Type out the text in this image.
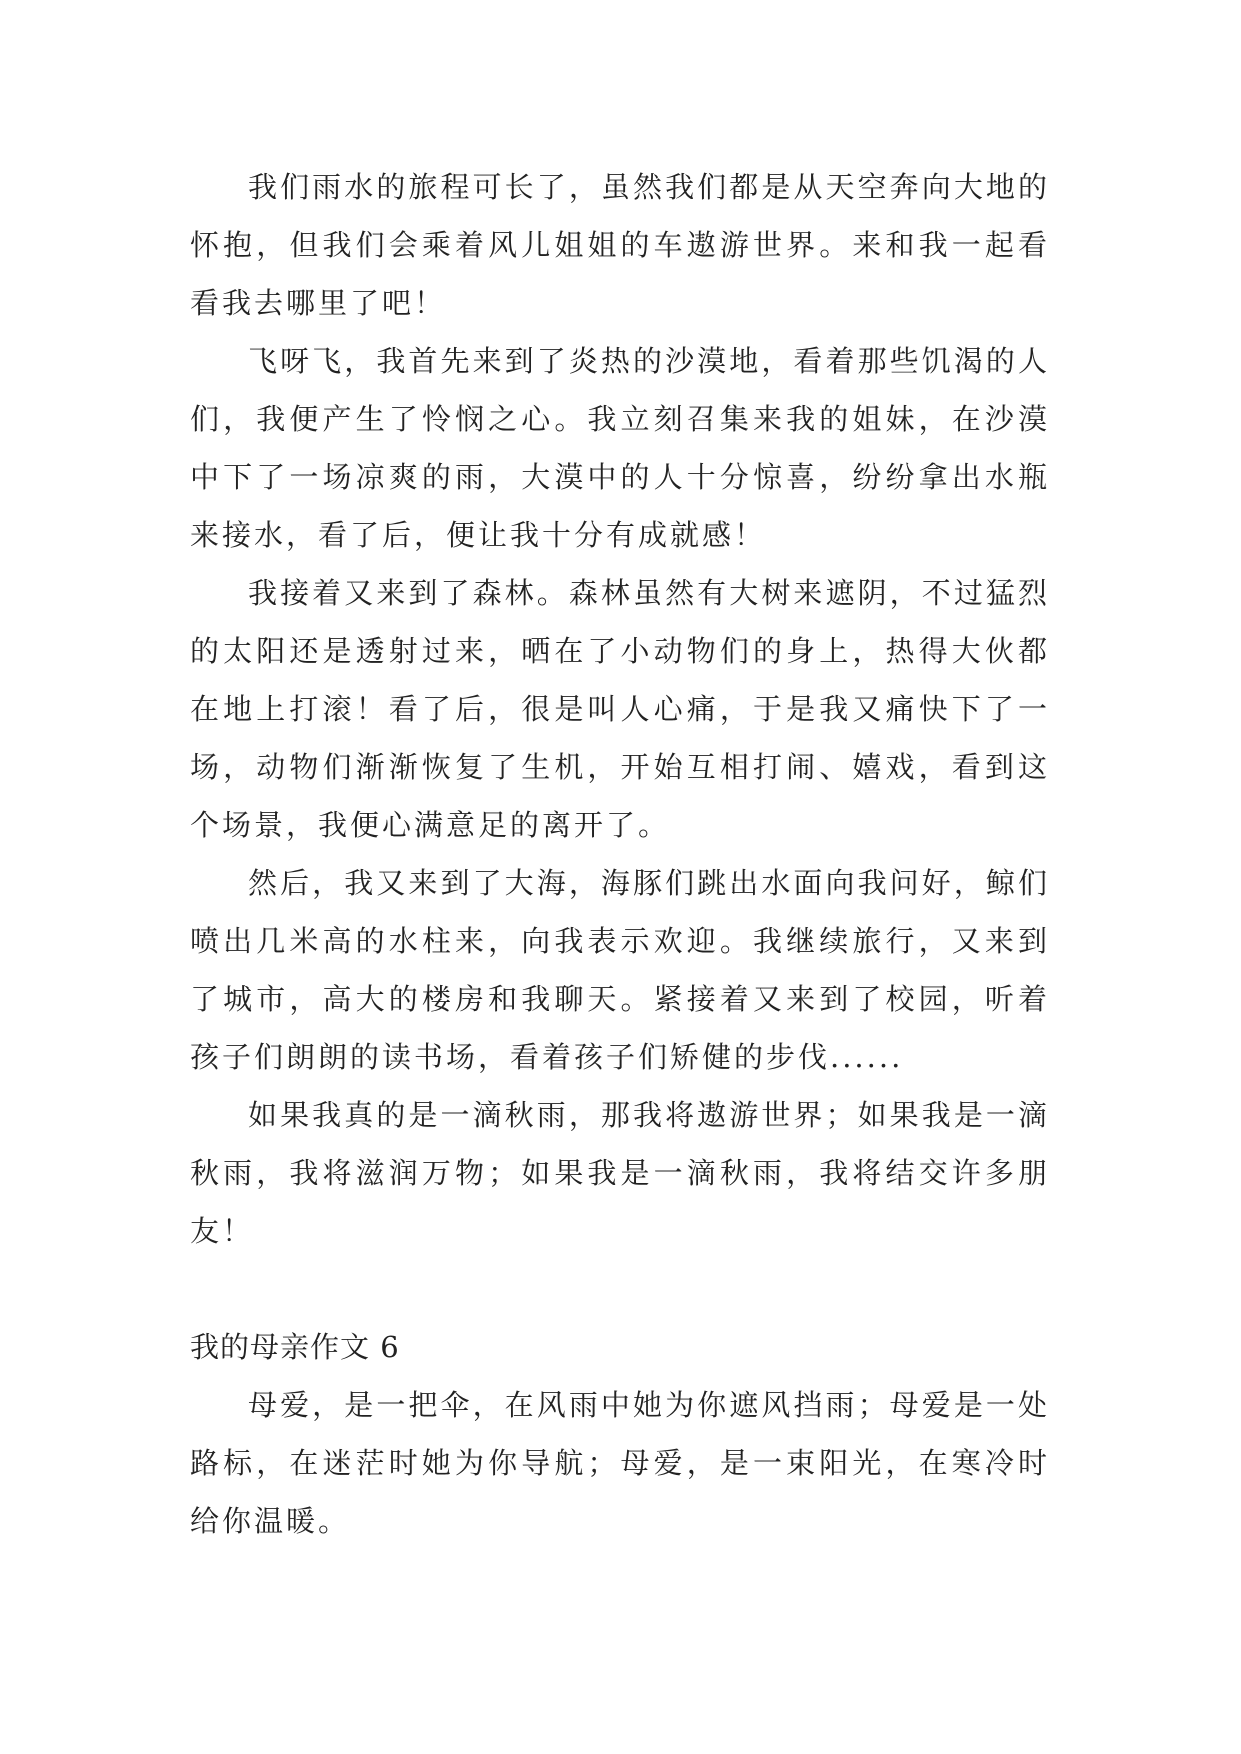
我们雨水的旅程可长了，虽然我们都是从天空奔向大地的怀抱，但我们会乘着风儿姐姐的车遨游世界。来和我一起看看我去哪里了吧！

飞呀飞，我首先来到了炎热的沙漠地，看着那些饥渴的人们，我便产生了怜悯之心。我立刻召集来我的姐妹，在沙漠中下了一场凉爽的雨，大漠中的人十分惊喜，纷纷拿出水瓶来接水，看了后，便让我十分有成就感！

我接着又来到了森林。森林虽然有大树来遮阴，不过猛烈的太阳还是透射过来，晒在了小动物们的身上，热得大伙都在地上打滚！看了后，很是叫人心痛，于是我又痛快下了一场，动物们渐渐恢复了生机，开始互相打闹、嬉戏，看到这个场景，我便心满意足的离开了。

然后，我又来到了大海，海豚们跳出水面向我问好，鲸们喷出几米高的水柱来，向我表示欢迎。我继续旅行，又来到了城市，高大的楼房和我聊天。紧接着又来到了校园，听着孩子们朗朗的读书场，看着孩子们矫健的步伐......

如果我真的是一滴秋雨，那我将遨游世界；如果我是一滴秋雨，我将滋润万物；如果我是一滴秋雨，我将结交许多朋友！

我的母亲作文 6

母爱，是一把伞，在风雨中她为你遮风挡雨；母爱是一处路标，在迷茫时她为你导航；母爱，是一束阳光，在寒冷时给你温暖。
